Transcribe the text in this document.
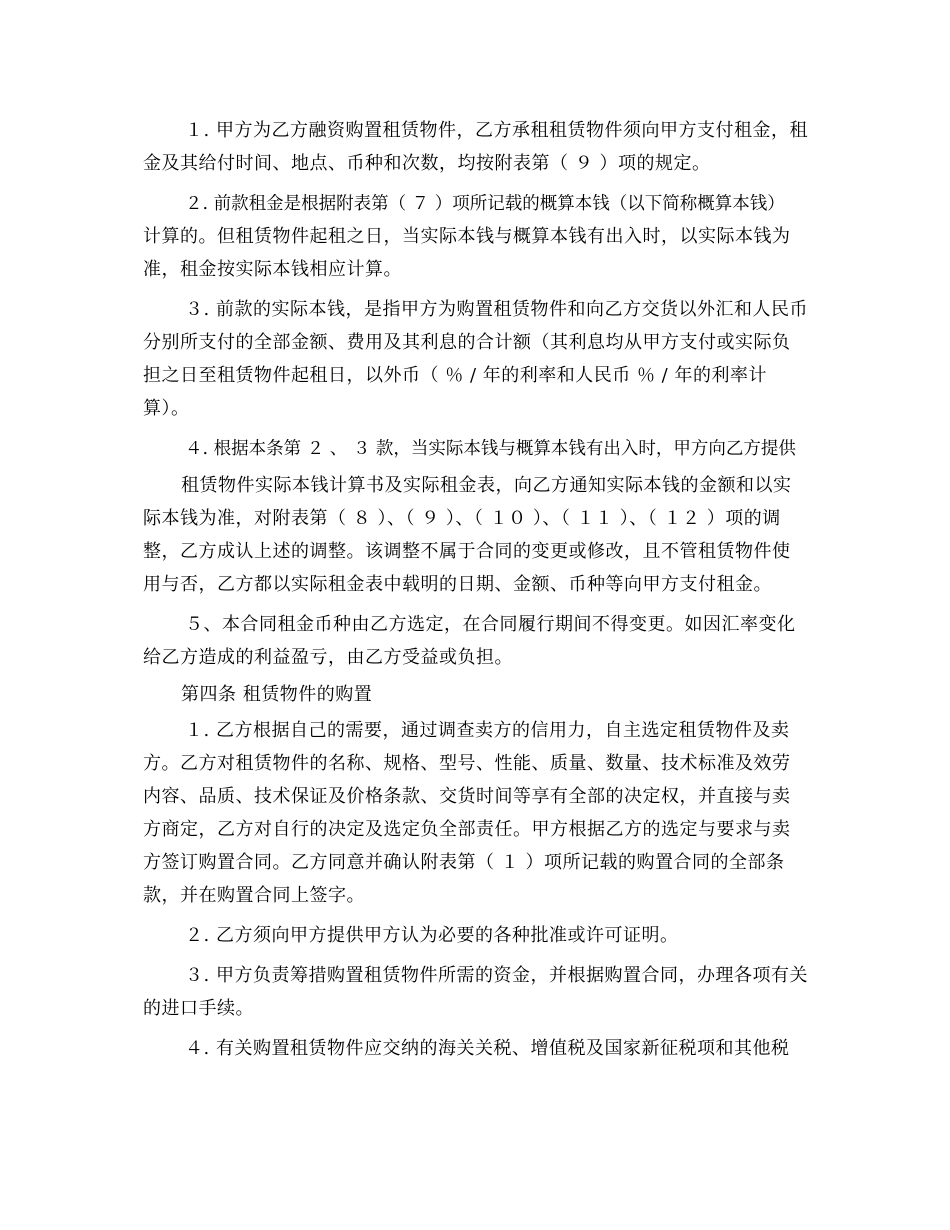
１. 甲方为乙方融资购置租赁物件，乙方承租租赁物件须向甲方支付租金，租
金及其给付时间、地点、币种和次数，均按附表第（ ９ ）项的规定。
２. 前款租金是根据附表第（ ７ ）项所记载的概算本钱（以下简称概算本钱）
计算的。但租赁物件起租之日，当实际本钱与概算本钱有出入时，以实际本钱为
准，租金按实际本钱相应计算。
３. 前款的实际本钱，是指甲方为购置租赁物件和向乙方交货以外汇和人民币
分别所支付的全部金额、费用及其利息的合计额（其利息均从甲方支付或实际负
担之日至租赁物件起租日，以外币（ ％ / 年的利率和人民币 ％ / 年的利率计
算）。
４. 根据本条第 ２ 、 ３ 款，当实际本钱与概算本钱有出入时，甲方向乙方提供
租赁物件实际本钱计算书及实际租金表，向乙方通知实际本钱的金额和以实
际本钱为准，对附表第（ ８ ）、（ ９ ）、（ １０ ）、（ １１ ）、（ １２ ）项的调
整，乙方成认上述的调整。该调整不属于合同的变更或修改，且不管租赁物件使
用与否，乙方都以实际租金表中载明的日期、金额、币种等向甲方支付租金。
５、本合同租金币种由乙方选定，在合同履行期间不得变更。如因汇率变化
给乙方造成的利益盈亏，由乙方受益或负担。
第四条 租赁物件的购置
１. 乙方根据自己的需要，通过调查卖方的信用力，自主选定租赁物件及卖
方。乙方对租赁物件的名称、规格、型号、性能、质量、数量、技术标准及效劳
内容、品质、技术保证及价格条款、交货时间等享有全部的决定权，并直接与卖
方商定，乙方对自行的决定及选定负全部责任。甲方根据乙方的选定与要求与卖
方签订购置合同。乙方同意并确认附表第（ １ ）项所记载的购置合同的全部条
款，并在购置合同上签字。
２. 乙方须向甲方提供甲方认为必要的各种批准或许可证明。
３. 甲方负责筹措购置租赁物件所需的资金，并根据购置合同，办理各项有关
的进口手续。
４. 有关购置租赁物件应交纳的海关关税、增值税及国家新征税项和其他税
